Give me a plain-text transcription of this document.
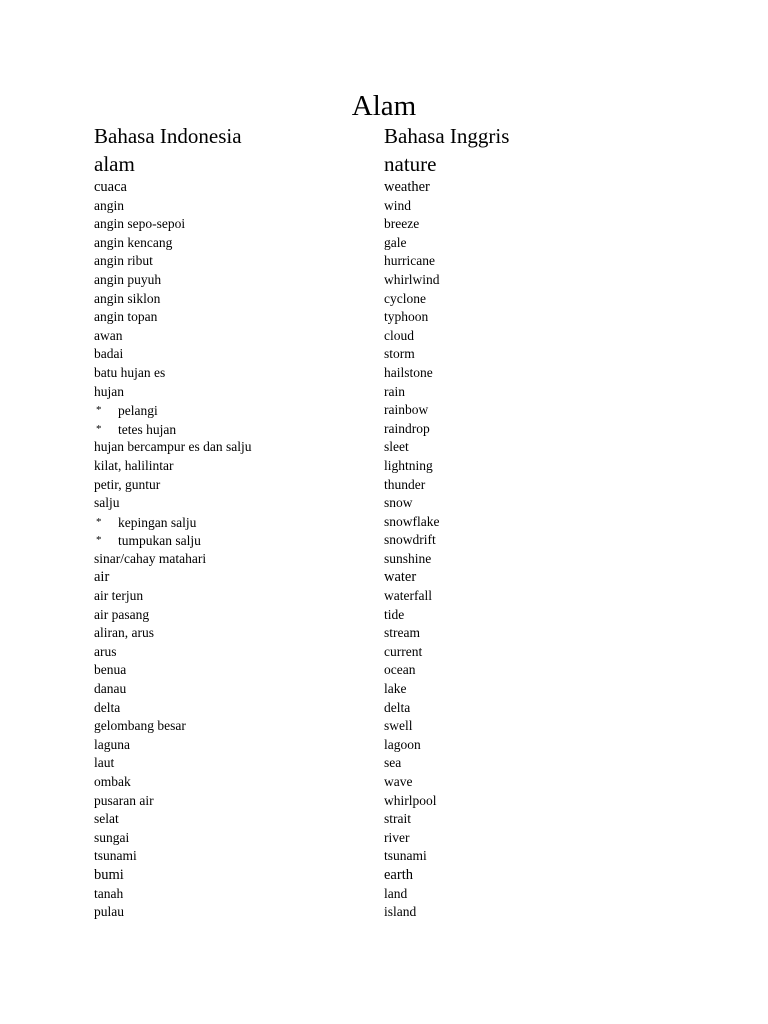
Alam
Bahasa Indonesia	Bahasa Inggris
alam	nature
cuaca	weather
angin	wind
angin sepo-sepoi	breeze
angin kencang	gale
angin ribut	hurricane
angin puyuh	whirlwind
angin siklon	cyclone
angin topan	typhoon
awan	cloud
badai	storm
batu hujan es	hailstone
hujan	rain
* pelangi	rainbow
* tetes hujan	raindrop
hujan bercampur es dan salju	sleet
kilat, halilintar	lightning
petir, guntur	thunder
salju	snow
* kepingan salju	snowflake
* tumpukan salju	snowdrift
sinar/cahay matahari	sunshine
air	water
air terjun	waterfall
air pasang	tide
aliran, arus	stream
arus	current
benua	ocean
danau	lake
delta	delta
gelombang besar	swell
laguna	lagoon
laut	sea
ombak	wave
pusaran air	whirlpool
selat	strait
sungai	river
tsunami	tsunami
bumi	earth
tanah	land
pulau	island
